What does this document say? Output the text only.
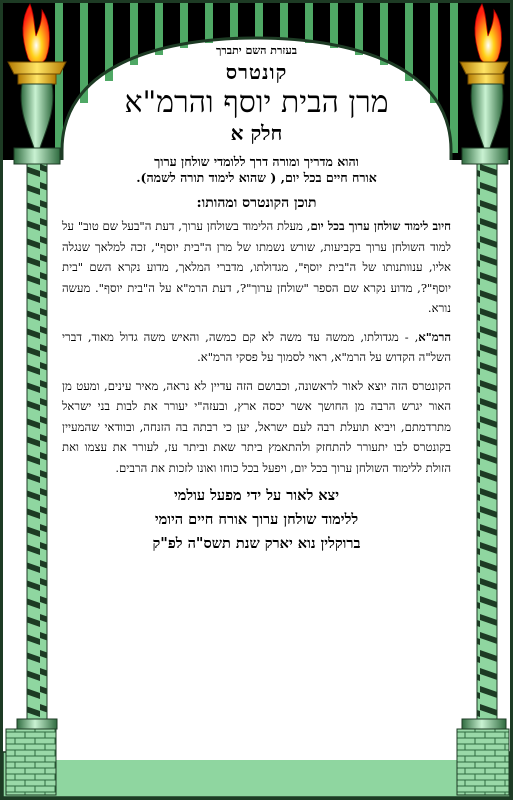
בעזרת השם יתברך

קונטרס

מרן הבית יוסף והרמ"א

חלק א

והוא מדריך ומורה דרך ללומדי שולחן ערוך

אורח חיים בכל יום, ( שהוא לימוד תורה לשמה).

תוכן הקונטרס ומהותו:

חיוב לימוד שולחן ערוך בכל יום, מעלת הלימוד בשולחן ערוך, דעת ה"בעל שם טוב" על למוד השולחן ערוך בקביעות, שורש נשמתו של מרן ה"בית יוסף", זכה למלאך שנגלה אליו, ענוותנותו של ה"בית יוסף", מגדולתו, מדברי המלאך, מדוע נקרא השם "בית יוסף"?, מדוע נקרא שם הספר "שולחן ערוך"?, דעת הרמ"א על ה"בית יוסף". מעשה נורא.

הרמ"א, - מגדולתו, ממשה עד משה לא קם כמשה, והאיש משה גדול מאוד, דברי השל"ה הקדוש על הרמ"א, ראוי לסמוך על פסקי הרמ"א.

הקונטרס הזה יוצא לאור לראשונה, וכבושם הזה עדיין לא נראה, מאיר עינים, ומעט מן האור יגרש הרבה מן החושך אשר יכסה ארץ, ובעזה"י יעורר את לבות בני ישראל מתרדמתם, ויביא תועלת רבה לעם ישראל, יען כי רבתה בה הזנחה, ובוודאי שהמעיין בקונטרס לבו יתעורר להתחזק ולהתאמץ ביתר שאת וביתר עז, לעורר את עצמו ואת הזולת ללימוד השולחן ערוך בכל יום, ויפעל בכל כוחו ואונו לזכות את הרבים.

יצא לאור על ידי מפעל עולמי

ללימוד שולחן ערוך אורח חיים היומי

ברוקלין נוא יארק שנת תשס"ה לפ"ק
